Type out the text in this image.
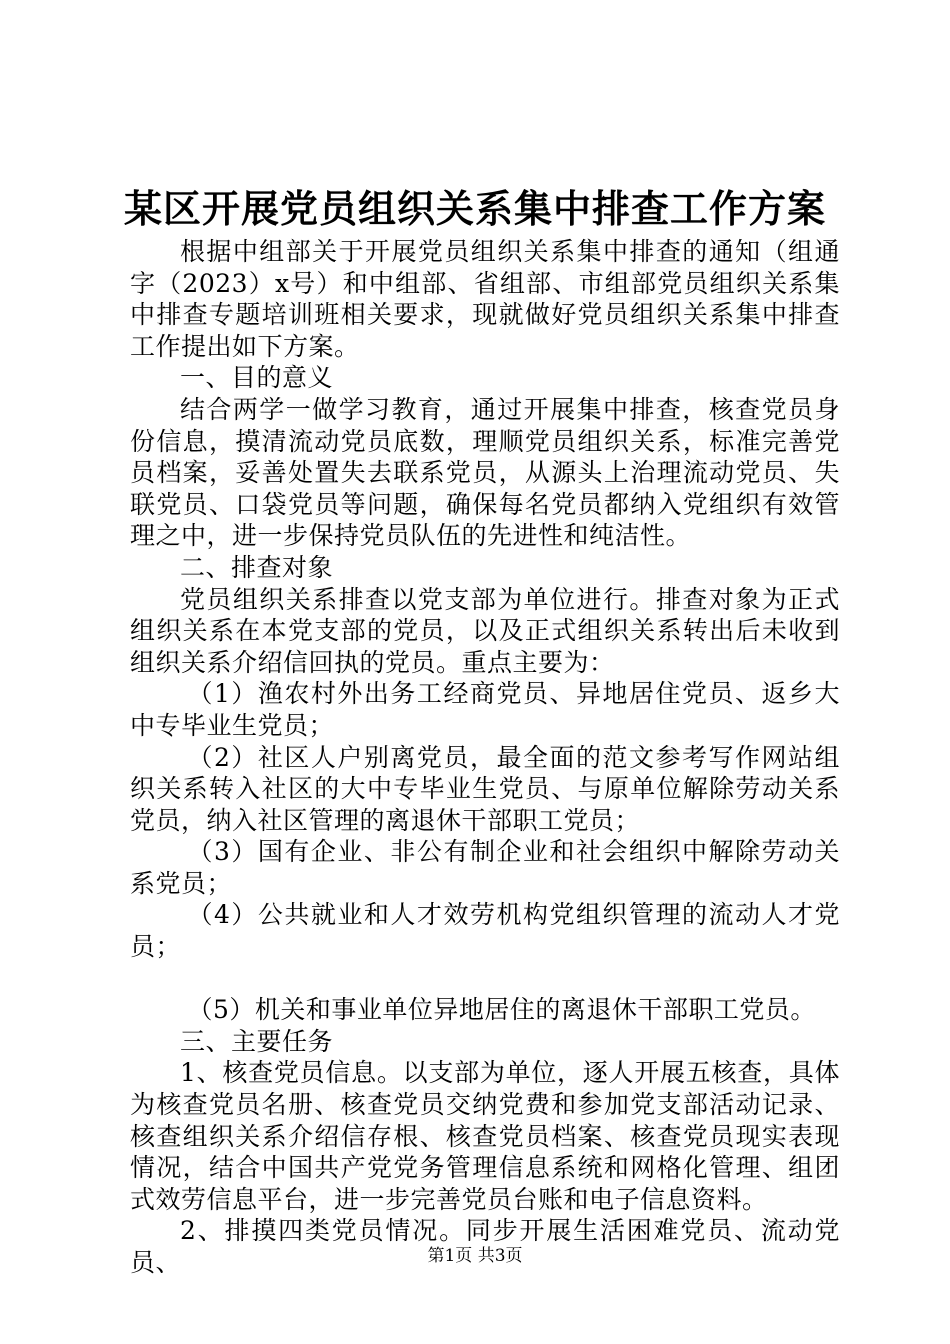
某区开展党员组织关系集中排查工作方案

根据中组部关于开展党员组织关系集中排查的通知（组通字（2023）x号）和中组部、省组部、市组部党员组织关系集中排查专题培训班相关要求，现就做好党员组织关系集中排查工作提出如下方案。

一、目的意义

结合两学一做学习教育，通过开展集中排查，核查党员身份信息，摸清流动党员底数，理顺党员组织关系，标准完善党员档案，妥善处置失去联系党员，从源头上治理流动党员、失联党员、口袋党员等问题，确保每名党员都纳入党组织有效管理之中，进一步保持党员队伍的先进性和纯洁性。

二、排查对象

党员组织关系排查以党支部为单位进行。排查对象为正式组织关系在本党支部的党员，以及正式组织关系转出后未收到组织关系介绍信回执的党员。重点主要为：

（1）渔农村外出务工经商党员、异地居住党员、返乡大中专毕业生党员；

（2）社区人户别离党员，最全面的范文参考写作网站组织关系转入社区的大中专毕业生党员、与原单位解除劳动关系党员，纳入社区管理的离退休干部职工党员；

（3）国有企业、非公有制企业和社会组织中解除劳动关系党员；

（4）公共就业和人才效劳机构党组织管理的流动人才党员；

（5）机关和事业单位异地居住的离退休干部职工党员。

三、主要任务

1、核查党员信息。以支部为单位，逐人开展五核查，具体为核查党员名册、核查党员交纳党费和参加党支部活动记录、核查组织关系介绍信存根、核查党员档案、核查党员现实表现情况，结合中国共产党党务管理信息系统和网格化管理、组团式效劳信息平台，进一步完善党员台账和电子信息资料。

2、排摸四类党员情况。同步开展生活困难党员、流动党员、	第1页 共3页
